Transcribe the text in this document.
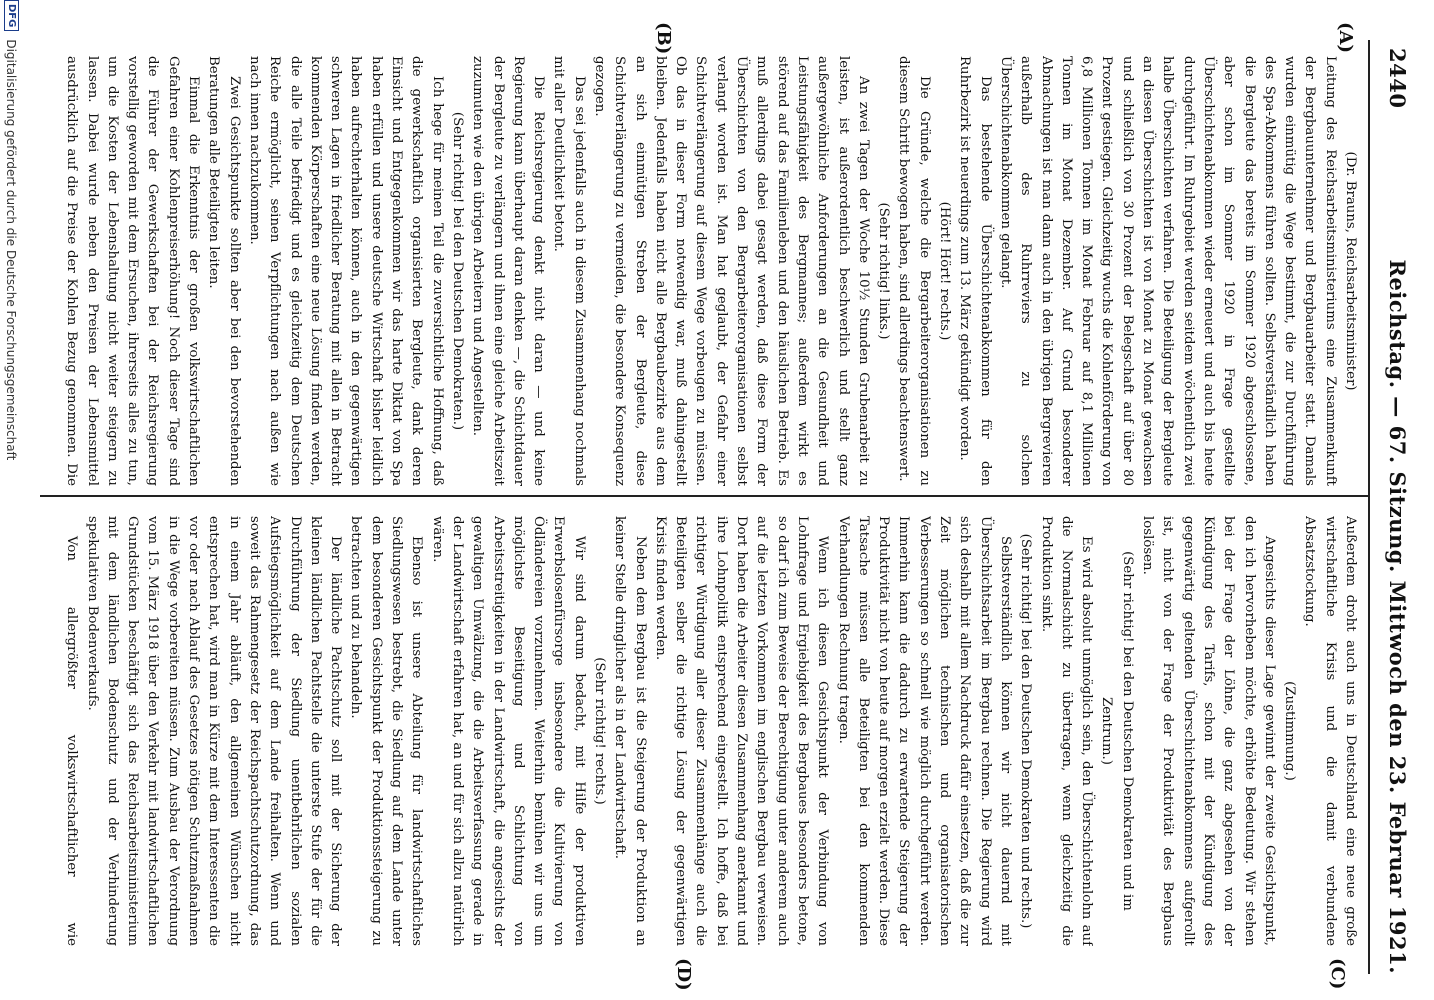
2440
Reichstag. — 67. Sitzung. Mittwoch den 23. Februar 1921.
(A)
(B)
(C)
(D)

(Dr. Brauns, Reichsarbeitsminister)

Leitung des Reichsarbeitsministeriums eine Zusammenkunft der Bergbauunternehmer und Bergbauarbeiter statt. Damals wurden einmütig die Wege bestimmt, die zur Durchführung des Spa-Abkommens führen sollten. Selbstverständlich haben die Bergleute das bereits im Sommer 1920 abgeschlossene, aber schon im Sommer 1920 in Frage gestellte Überschichtenabkommen wieder erneuert und auch bis heute durchgeführt. Im Ruhrgebiet werden seitdem wöchentlich zwei halbe Überschichten verfahren. Die Beteiligung der Bergleute an diesen Überschichten ist von Monat zu Monat gewachsen und schließlich von 30 Prozent der Belegschaft auf über 80 Prozent gestiegen. Gleichzeitig wuchs die Kohlenförderung von 6,8 Millionen Tonnen im Monat Februar auf 8,1 Millionen Tonnen im Monat Dezember. Auf Grund besonderer Abmachungen ist man dann auch in den übrigen Bergrevieren außerhalb des Ruhrreviers zu solchen Überschichtenabkommen gelangt.

Das bestehende Überschichtenabkommen für den Ruhrbezirk ist neuerdings zum 13. März gekündigt worden.

(Hört! Hört! rechts.)

Die Gründe, welche die Bergarbeiterorganisationen zu diesem Schritt bewogen haben, sind allerdings beachtenswert.

(Sehr richtig! links.)

An zwei Tagen der Woche 10½ Stunden Grubenarbeit zu leisten, ist außerordentlich beschwerlich und stellt ganz außergewöhnliche Anforderungen an die Gesundheit und Leistungsfähigkeit des Bergmannes; außerdem wirkt es störend auf das Familienleben und den häuslichen Betrieb. Es muß allerdings dabei gesagt werden, daß diese Form der Überschichten von den Bergarbeiterorganisationen selbst verlangt worden ist. Man hat geglaubt, der Gefahr einer Schichtverlängerung auf diesem Wege vorbeugen zu müssen. Ob das in dieser Form notwendig war, muß dahingestellt bleiben. Jedenfalls haben nicht alle Bergbaubezirke aus dem an sich einmütigen Streben der Bergleute, diese Schichtverlängerung zu vermeiden, die besondere Konsequenz gezogen.

Das sei jedenfalls auch in diesem Zusammenhang nochmals mit aller Deutlichkeit betont.

Die Reichsregierung denkt nicht daran — und keine Regierung kann überhaupt daran denken —, die Schichtdauer der Bergleute zu verlängern und ihnen eine gleiche Arbeitszeit zuzumuten wie den übrigen Arbeitern und Angestellten.

(Sehr richtig! bei den Deutschen Demokraten.)

Ich hege für meinen Teil die zuversichtliche Hoffnung, daß die gewerkschaftlich organisierten Bergleute, dank deren Einsicht und Entgegenkommen wir das harte Diktat von Spa haben erfüllen und unsere deutsche Wirtschaft bisher leidlich haben aufrechterhalten können, auch in den gegenwärtigen schweren Lagen in friedlicher Beratung mit allen in Betracht kommenden Körperschaften eine neue Lösung finden werden, die alle Teile befriedigt und es gleichzeitig dem Deutschen Reiche ermöglicht, seinen Verpflichtungen nach außen wie nach innen nachzukommen.

Zwei Gesichtspunkte sollten aber bei den bevorstehenden Beratungen alle Beteiligten leiten.

Einmal die Erkenntnis der großen volkswirtschaftlichen Gefahren einer Kohlenpreiserhöhung! Noch dieser Tage sind die Führer der Gewerkschaften bei der Reichsregierung vorstellig geworden mit dem Ersuchen, ihrerseits alles zu tun, um die Kosten der Lebenshaltung nicht weiter steigern zu lassen. Dabei wurde neben den Preisen der Lebensmittel ausdrücklich auf die Preise der Kohlen Bezug genommen. Die

Außerdem droht auch uns in Deutschland eine neue große wirtschaftliche Krisis und die damit verbundene Absatzstockung.

(Zustimmung.)

Angesichts dieser Lage gewinnt der zweite Gesichtspunkt, den ich hervorheben möchte, erhöhte Bedeutung. Wir stehen bei der Frage der Löhne, die ganz abgesehen von der Kündigung des Tarifs, schon mit der Kündigung des gegenwärtig geltenden Überschichtenabkommens aufgerollt ist, nicht von der Frage der Produktivität des Bergbaus loslösen.

(Sehr richtig! bei den Deutschen Demokraten und im Zentrum.)

Es wird absolut unmöglich sein, den Überschichtenlohn auf die Normalschicht zu übertragen, wenn gleichzeitig die Produktion sinkt.

(Sehr richtig! bei den Deutschen Demokraten und rechts.)

Selbstverständlich können wir nicht dauernd mit Überschichtsarbeit im Bergbau rechnen. Die Regierung wird sich deshalb mit allem Nachdruck dafür einsetzen, daß die zur Zeit möglichen technischen und organisatorischen Verbesserungen so schnell wie möglich durchgeführt werden. Immerhin kann die dadurch zu erwartende Steigerung der Produktivität nicht von heute auf morgen erzielt werden. Diese Tatsache müssen alle Beteiligten bei den kommenden Verhandlungen Rechnung tragen.

Wenn ich diesen Gesichtspunkt der Verbindung von Lohnfrage und Ergiebigkeit des Bergbaues besonders betone, so darf ich zum Beweise der Berechtigung unter anderem auch auf die letzten Vorkommen im englischen Bergbau verweisen. Dort haben die Arbeiter diesen Zusammenhang anerkannt und ihre Lohnpolitik entsprechend eingestellt. Ich hoffe, daß bei richtiger Würdigung aller dieser Zusammenhänge auch die Beteiligten selber die richtige Lösung der gegenwärtigen Krisis finden werden.

Neben dem Bergbau ist die Steigerung der Produktion an keiner Stelle dringlicher als in der Landwirtschaft.

(Sehr richtig! rechts.)

Wir sind darum bedacht, mit Hilfe der produktiven Erwerbslosenfürsorge insbesondere die Kultivierung von Ödländereien vorzunehmen. Weiterhin bemühen wir uns um möglichste Beseitigung und Schlichtung von Arbeitsstreitigkeiten in der Landwirtschaft, die angesichts der gewaltigen Umwälzung, die die Arbeitsverfassung gerade in der Landwirtschaft erfahren hat, an und für sich allzu natürlich wären.

Ebenso ist unsere Abteilung für landwirtschaftliches Siedlungswesen bestrebt, die Siedlung auf dem Lande unter dem besonderen Gesichtspunkt der Produktionssteigerung zu betrachten und zu behandeln.

Der ländliche Pachtschutz soll mit der Sicherung der kleinen ländlichen Pachtstelle die unterste Stufe der für die Durchführung der Siedlung unentbehrlichen sozialen Aufstiegsmöglichkeit auf dem Lande freihalten. Wenn und soweit das Rahmengesetz der Reichspachtschutzordnung, das in einem Jahr abläuft, den allgemeinen Wünschen nicht entsprechen hat, wird man in Kürze mit dem Interessenten die vor oder nach Ablauf des Gesetzes nötigen Schutzmaßnahmen in die Wege vorbereiten müssen. Zum Ausbau der Verordnung vom 15. März 1918 über den Verkehr mit landwirtschaftlichen Grundstücken beschäftigt sich das Reichsarbeitsministerium mit dem ländlichen Bodenschutz und der Verhinderung spekulativen Bodenverkaufs.

Von allergrößter volkswirtschaftlicher wie

DFG
Digitalisierung gefördert durch die Deutsche Forschungsgemeinschaft
